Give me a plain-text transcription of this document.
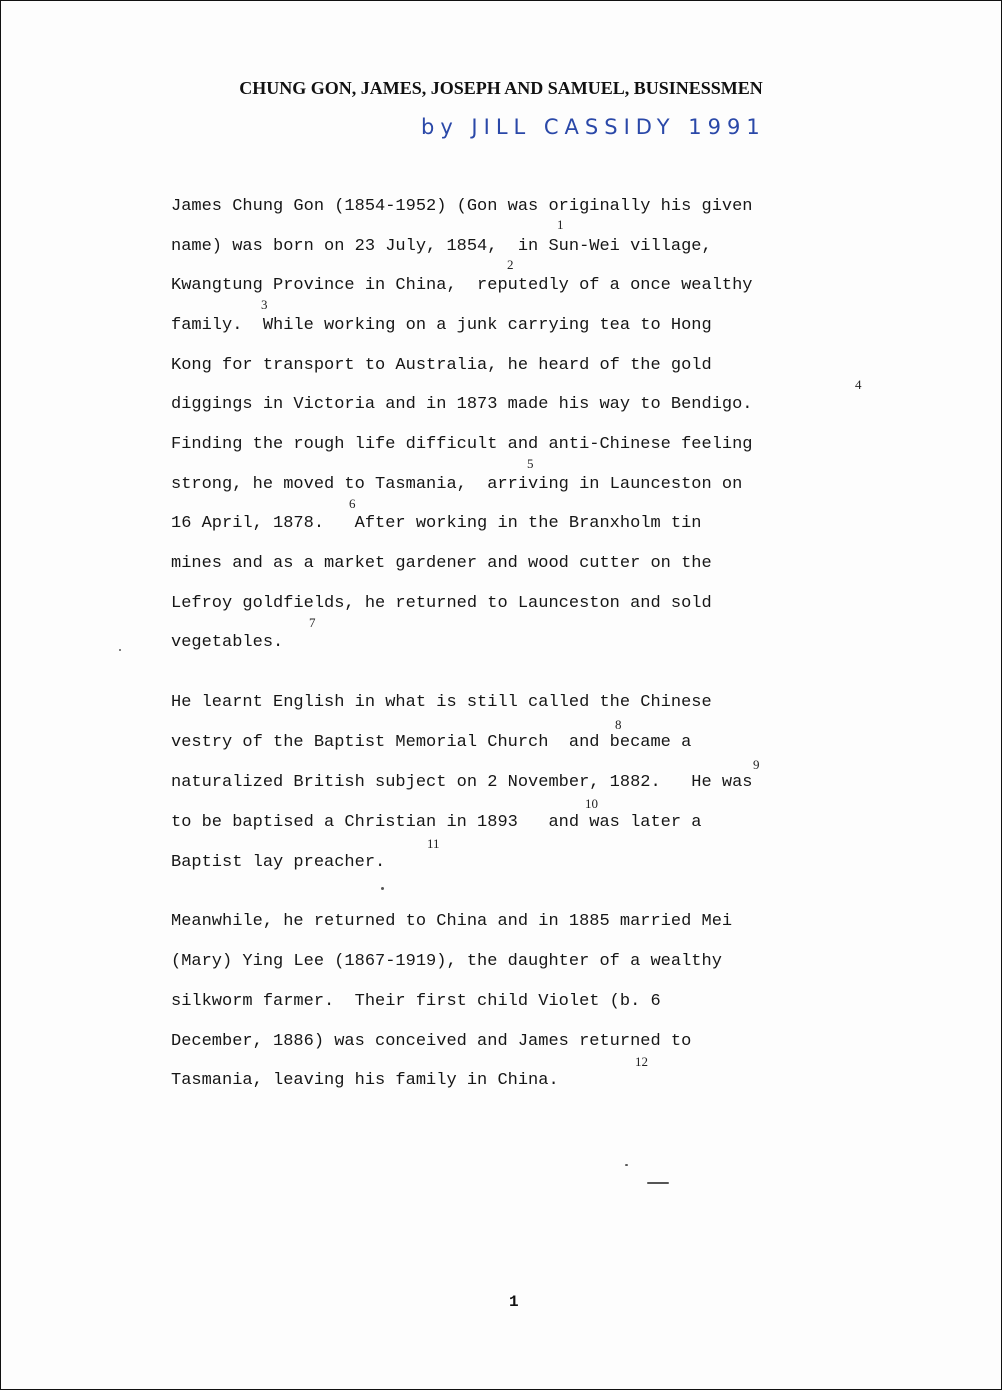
CHUNG GON, JAMES, JOSEPH AND SAMUEL, BUSINESSMEN

by JILL CASSIDY 1991

James Chung Gon (1854-1952) (Gon was originally his given
name) was born on 23 July, 1854,  in Sun-Wei village,
Kwangtung Province in China,  reputedly of a once wealthy
family.  While working on a junk carrying tea to Hong
Kong for transport to Australia, he heard of the gold
diggings in Victoria and in 1873 made his way to Bendigo.
Finding the rough life difficult and anti-Chinese feeling
strong, he moved to Tasmania,  arriving in Launceston on
16 April, 1878.   After working in the Branxholm tin
mines and as a market gardener and wood cutter on the
Lefroy goldfields, he returned to Launceston and sold
vegetables.
1
2
3
4
5
6
7
He learnt English in what is still called the Chinese
vestry of the Baptist Memorial Church  and became a
naturalized British subject on 2 November, 1882.   He was
to be baptised a Christian in 1893   and was later a
Baptist lay preacher.
8
9
10
11
Meanwhile, he returned to China and in 1885 married Mei
(Mary) Ying Lee (1867-1919), the daughter of a wealthy
silkworm farmer.  Their first child Violet (b. 6
December, 1886) was conceived and James returned to
Tasmania, leaving his family in China.
12
1
